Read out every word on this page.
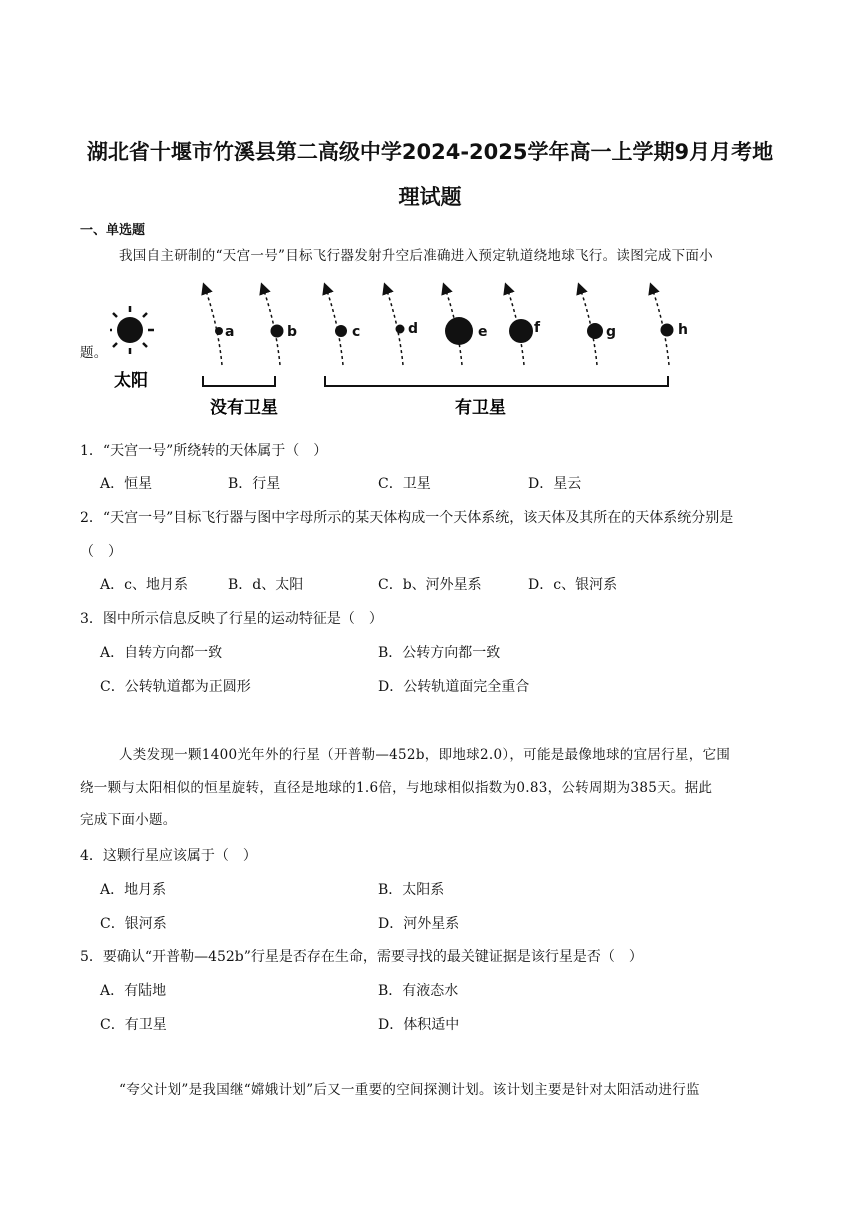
湖北省十堰市竹溪县第二高级中学2024-2025学年高一上学期9月月考地
理试题
一、单选题
我国自主研制的“天宫一号”目标飞行器发射升空后准确进入预定轨道绕地球飞行。读图完成下面小
题。
太阳
a	b	c	d	e	f	g	h
没有卫星	有卫星
1．“天宫一号”所绕转的天体属于（　）
A．恒星	B．行星	C．卫星	D．星云
2．“天宫一号”目标飞行器与图中字母所示的某天体构成一个天体系统，该天体及其所在的天体系统分别是
（　）
A．c、地月系	B．d、太阳	C．b、河外星系	D．c、银河系
3．图中所示信息反映了行星的运动特征是（　）
A．自转方向都一致	B．公转方向都一致
C．公转轨道都为正圆形	D．公转轨道面完全重合
人类发现一颗1400光年外的行星（开普勒—452b，即地球2.0），可能是最像地球的宜居行星，它围
绕一颗与太阳相似的恒星旋转，直径是地球的1.6倍，与地球相似指数为0.83，公转周期为385天。据此
完成下面小题。
4．这颗行星应该属于（　）
A．地月系	B．太阳系
C．银河系	D．河外星系
5．要确认“开普勒—452b”行星是否存在生命，需要寻找的最关键证据是该行星是否（　）
A．有陆地	B．有液态水
C．有卫星	D．体积适中
“夸父计划”是我国继“嫦娥计划”后又一重要的空间探测计划。该计划主要是针对太阳活动进行监
